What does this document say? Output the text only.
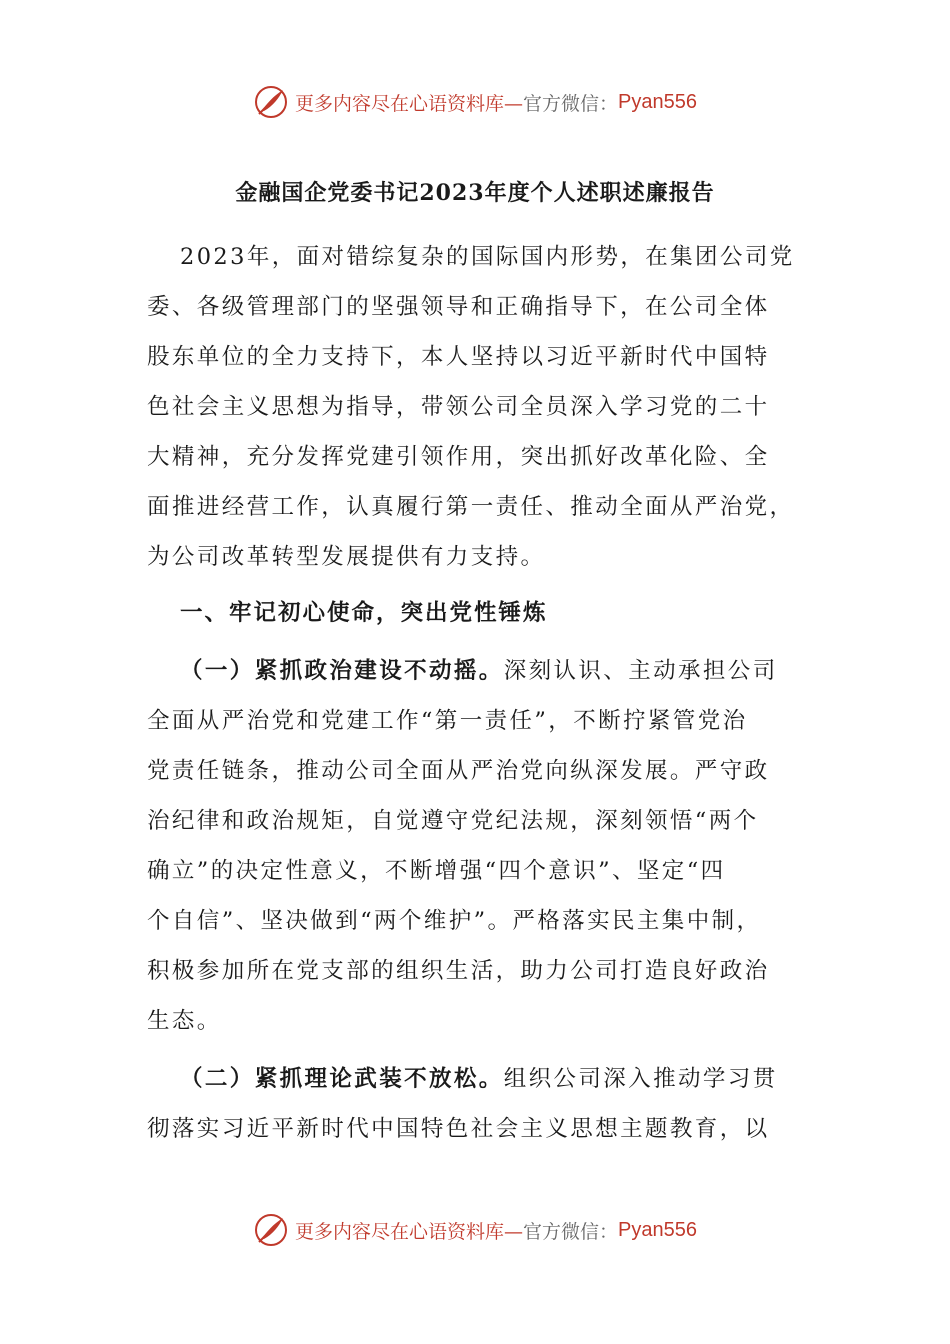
更多内容尽在心语资料库— 官方微信： Pyan556
金融国企党委书记2023年度个人述职述廉报告
2023年，面对错综复杂的国际国内形势，在集团公司党
委、各级管理部门的坚强领导和正确指导下，在公司全体
股东单位的全力支持下，本人坚持以习近平新时代中国特
色社会主义思想为指导，带领公司全员深入学习党的二十
大精神，充分发挥党建引领作用，突出抓好改革化险、全
面推进经营工作，认真履行第一责任、推动全面从严治党，
为公司改革转型发展提供有力支持。
一、牢记初心使命，突出党性锤炼
（一）紧抓政治建设不动摇。深刻认识、主动承担公司
全面从严治党和党建工作“第一责任”，不断拧紧管党治
党责任链条，推动公司全面从严治党向纵深发展。严守政
治纪律和政治规矩，自觉遵守党纪法规，深刻领悟“两个
确立”的决定性意义，不断增强“四个意识”、坚定“四
个自信”、坚决做到“两个维护”。严格落实民主集中制，
积极参加所在党支部的组织生活，助力公司打造良好政治
生态。
（二）紧抓理论武装不放松。组织公司深入推动学习贯
彻落实习近平新时代中国特色社会主义思想主题教育，以
更多内容尽在心语资料库— 官方微信： Pyan556
